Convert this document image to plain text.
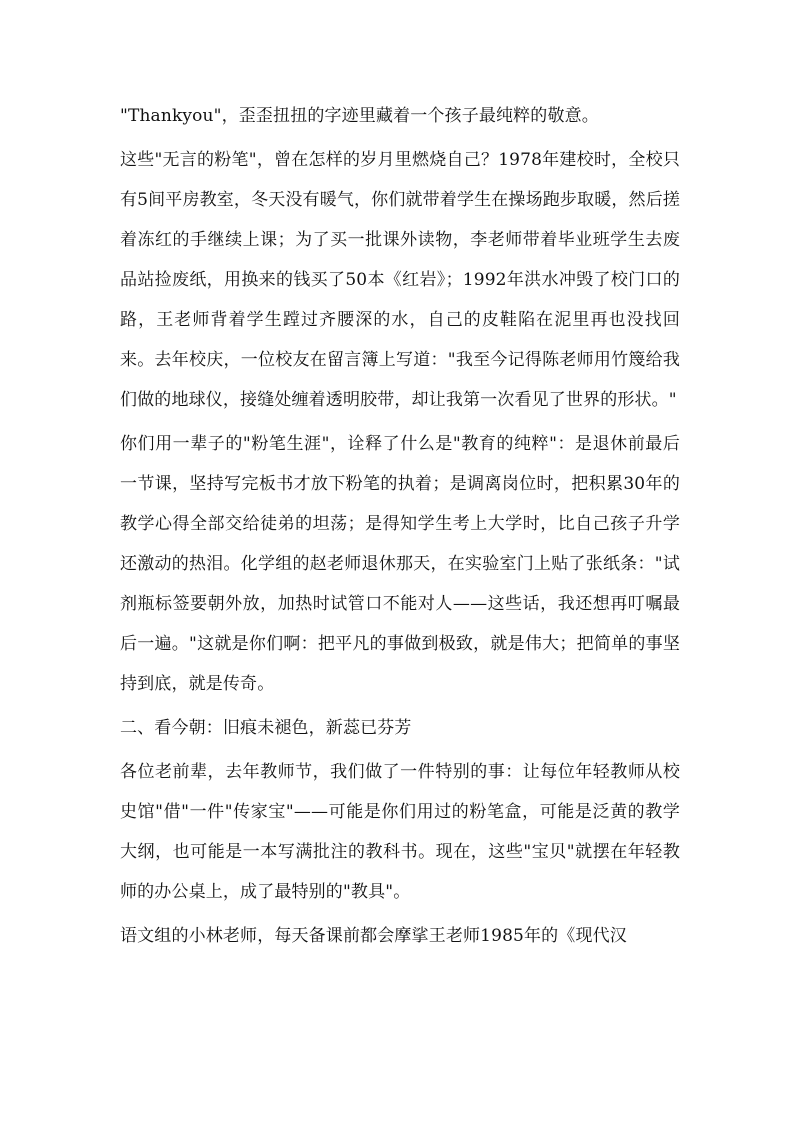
"Thankyou"，歪歪扭扭的字迹里藏着一个孩子最纯粹的敬意。

这些"无言的粉笔"，曾在怎样的岁月里燃烧自己？1978年建校时，全校只有5间平房教室，冬天没有暖气，你们就带着学生在操场跑步取暖，然后搓着冻红的手继续上课；为了买一批课外读物，李老师带着毕业班学生去废品站捡废纸，用换来的钱买了50本《红岩》；1992年洪水冲毁了校门口的路，王老师背着学生蹚过齐腰深的水，自己的皮鞋陷在泥里再也没找回来。去年校庆，一位校友在留言簿上写道："我至今记得陈老师用竹篾给我们做的地球仪，接缝处缠着透明胶带，却让我第一次看见了世界的形状。"

你们用一辈子的"粉笔生涯"，诠释了什么是"教育的纯粹"：是退休前最后一节课，坚持写完板书才放下粉笔的执着；是调离岗位时，把积累30年的教学心得全部交给徒弟的坦荡；是得知学生考上大学时，比自己孩子升学还激动的热泪。化学组的赵老师退休那天，在实验室门上贴了张纸条："试剂瓶标签要朝外放，加热时试管口不能对人——这些话，我还想再叮嘱最后一遍。"这就是你们啊：把平凡的事做到极致，就是伟大；把简单的事坚持到底，就是传奇。

二、看今朝：旧痕未褪色，新蕊已芬芳

各位老前辈，去年教师节，我们做了一件特别的事：让每位年轻教师从校史馆"借"一件"传家宝"——可能是你们用过的粉笔盒，可能是泛黄的教学大纲，也可能是一本写满批注的教科书。现在，这些"宝贝"就摆在年轻教师的办公桌上，成了最特别的"教具"。

语文组的小林老师，每天备课前都会摩挲王老师1985年的《现代汉
